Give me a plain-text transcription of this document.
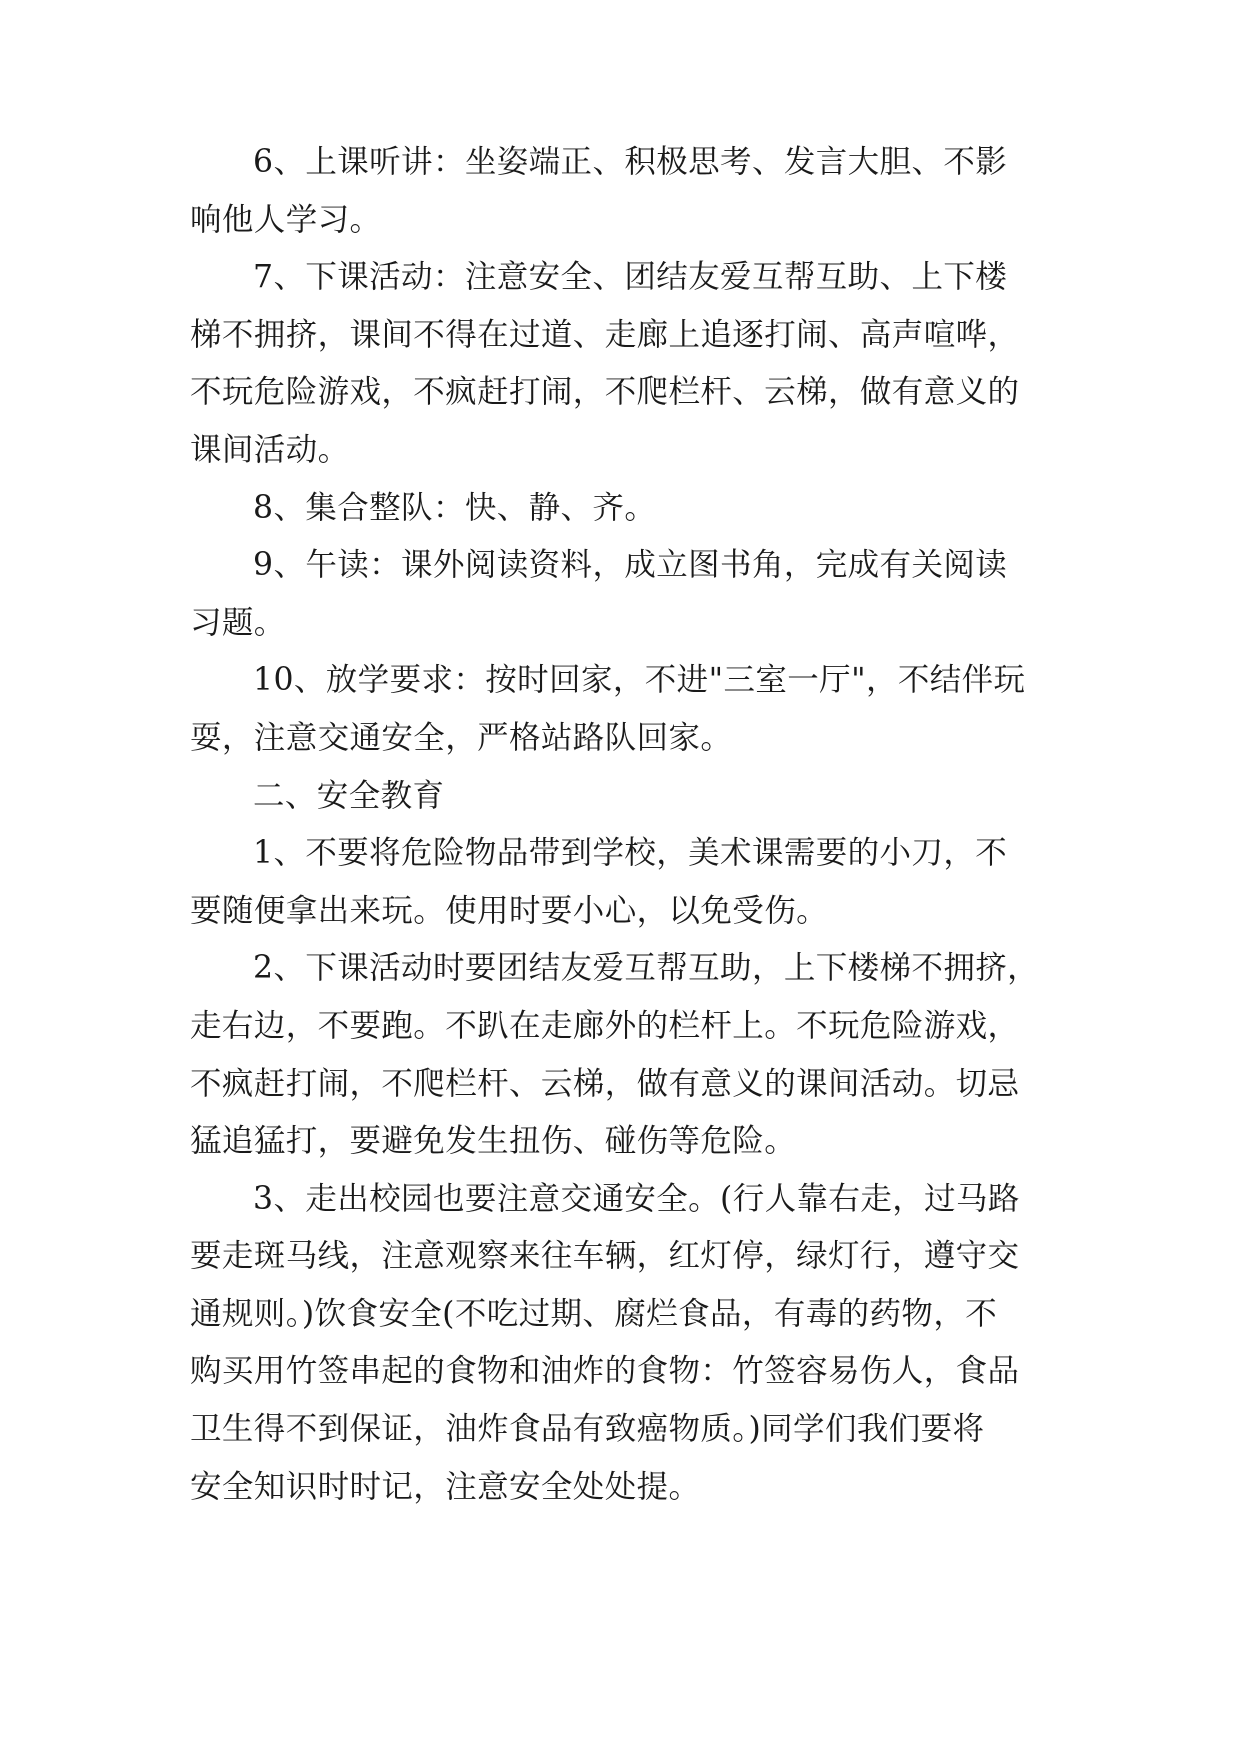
6、上课听讲：坐姿端正、积极思考、发言大胆、不影
响他人学习。

7、下课活动：注意安全、团结友爱互帮互助、上下楼
梯不拥挤，课间不得在过道、走廊上追逐打闹、高声喧哗，
不玩危险游戏，不疯赶打闹，不爬栏杆、云梯，做有意义的
课间活动。

8、集合整队：快、静、齐。

9、午读：课外阅读资料，成立图书角，完成有关阅读
习题。

10、放学要求：按时回家，不进"三室一厅"，不结伴玩
耍，注意交通安全，严格站路队回家。

二、安全教育

1、不要将危险物品带到学校，美术课需要的小刀，不
要随便拿出来玩。使用时要小心，以免受伤。

2、下课活动时要团结友爱互帮互助，上下楼梯不拥挤，
走右边，不要跑。不趴在走廊外的栏杆上。不玩危险游戏，
不疯赶打闹，不爬栏杆、云梯，做有意义的课间活动。切忌
猛追猛打，要避免发生扭伤、碰伤等危险。

3、走出校园也要注意交通安全。(行人靠右走，过马路
要走斑马线，注意观察来往车辆，红灯停，绿灯行，遵守交
通规则。)饮食安全(不吃过期、腐烂食品，有毒的药物，不
购买用竹签串起的食物和油炸的食物：竹签容易伤人，食品
卫生得不到保证，油炸食品有致癌物质。)同学们我们要将
安全知识时时记，注意安全处处提。
